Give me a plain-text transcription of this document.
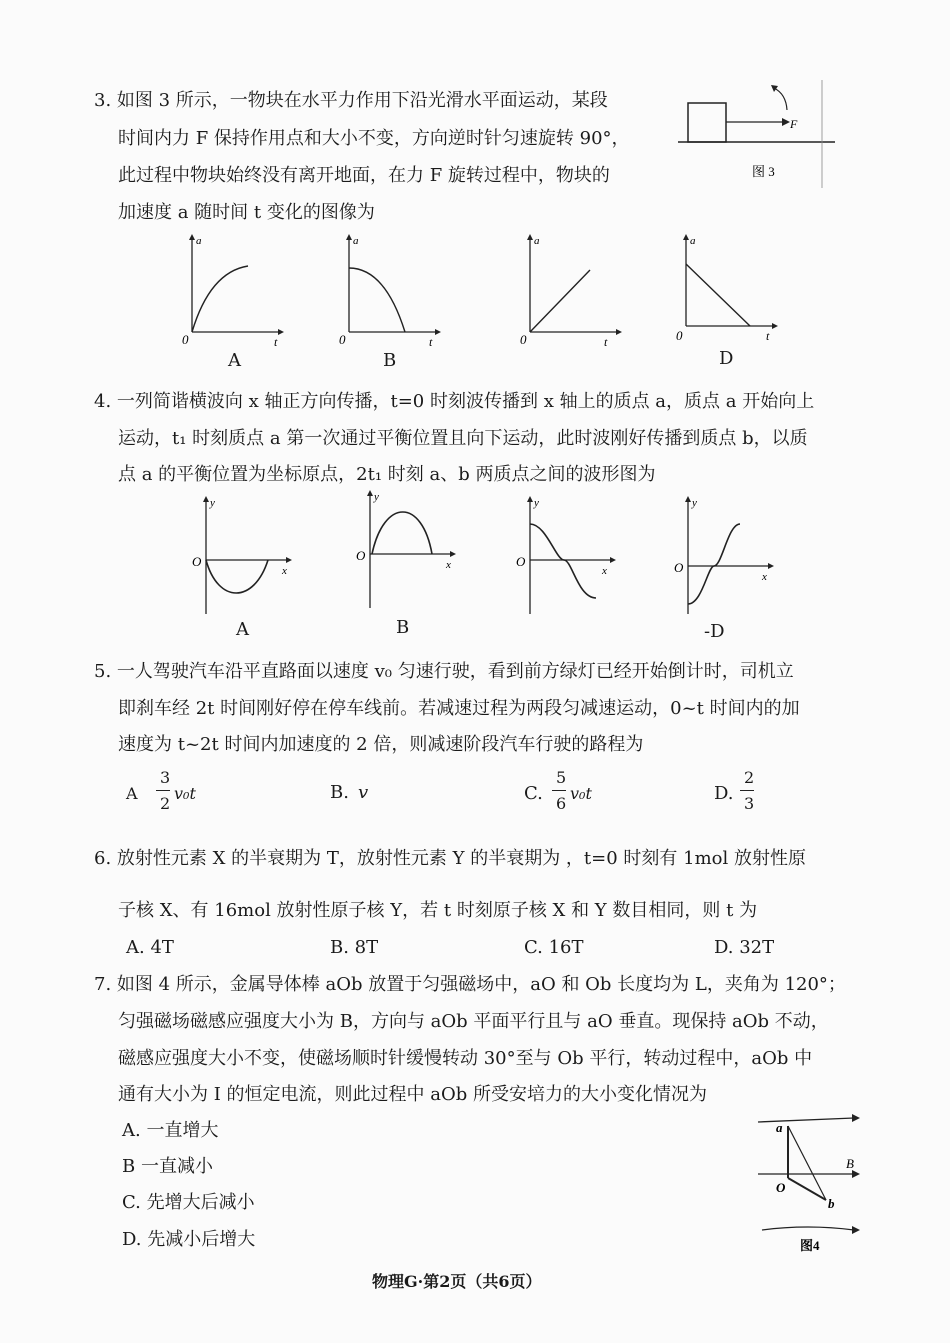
3. 如图 3 所示，一物块在水平力作用下沿光滑水平面运动，某段
时间内力 F 保持作用点和大小不变，方向逆时针匀速旋转 90°，
此过程中物块始终没有离开地面，在力 F 旋转过程中，物块的
加速度 a 随时间 t 变化的图像为
F
图 3
a
t
0
A
a
t
0
B
a
t
0
a
t
0
D
4. 一列简谐横波向 x 轴正方向传播，t=0 时刻波传播到 x 轴上的质点 a，质点 a 开始向上
运动，t₁ 时刻质点 a 第一次通过平衡位置且向下运动，此时波刚好传播到质点 b，以质
点 a 的平衡位置为坐标原点，2t₁ 时刻 a、b 两质点之间的波形图为
y
x
O
A
y
x
O
B
y
x
O
y
x
O
-D
5. 一人驾驶汽车沿平直路面以速度 v₀ 匀速行驶，看到前方绿灯已经开始倒计时，司机立
即刹车经 2t 时间刚好停在停车线前。若减速过程为两段匀减速运动，0~t 时间内的加
速度为 t~2t 时间内加速度的 2 倍，则减速阶段汽车行驶的路程为
A
3
2
v₀t	B. v	C.
5
6
v₀t	D.
2
3
6. 放射性元素 X 的半衰期为 T，放射性元素 Y 的半衰期为 ，t=0 时刻有 1mol 放射性原
子核 X、有 16mol 放射性原子核 Y，若 t 时刻原子核 X 和 Y 数目相同，则 t 为
A. 4T	B. 8T	C. 16T	D. 32T
7. 如图 4 所示，金属导体棒 aOb 放置于匀强磁场中，aO 和 Ob 长度均为 L，夹角为 120°；
匀强磁场磁感应强度大小为 B，方向与 aOb 平面平行且与 aO 垂直。现保持 aOb 不动，
磁感应强度大小不变，使磁场顺时针缓慢转动 30°至与 Ob 平行，转动过程中，aOb 中
通有大小为 I 的恒定电流，则此过程中 aOb 所受安培力的大小变化情况为
A. 一直增大
B 一直减小
C. 先增大后减小
D. 先减小后增大
a
O
b
B
图4
物理G·第2页（共6页）
